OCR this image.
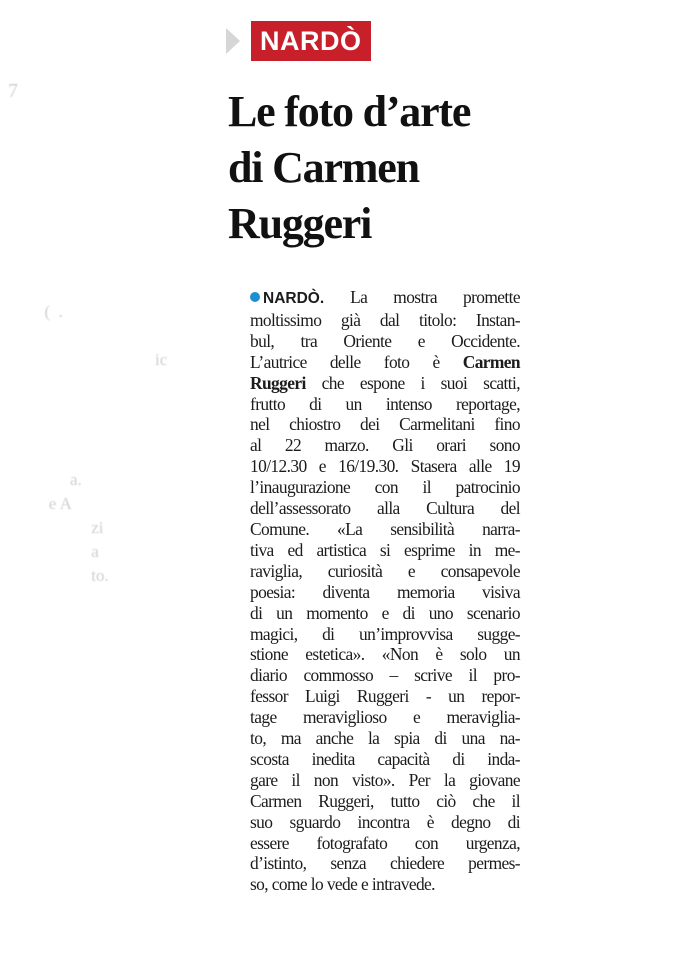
(  .

ic

a.
e A
zi
a
to.
7
NARDÒ
Le foto d’arte
di Carmen
Ruggeri
NARDÒ. La mostra promette
moltissimo già dal titolo: Instan-
bul, tra Oriente e Occidente.
L’autrice delle foto è Carmen
Ruggeri che espone i suoi scatti,
frutto di un intenso reportage,
nel chiostro dei Carmelitani fino
al 22 marzo. Gli orari sono
10/12.30 e 16/19.30. Stasera alle 19
l’inaugurazione con il patrocinio
dell’assessorato alla Cultura del
Comune. «La sensibilità narra-
tiva ed artistica si esprime in me-
raviglia, curiosità e consapevole
poesia: diventa memoria visiva
di un momento e di uno scenario
magici, di un’improvvisa sugge-
stione estetica». «Non è solo un
diario commosso – scrive il pro-
fessor Luigi Ruggeri - un repor-
tage meraviglioso e meraviglia-
to, ma anche la spia di una na-
scosta inedita capacità di inda-
gare il non visto». Per la giovane
Carmen Ruggeri, tutto ciò che il
suo sguardo incontra è degno di
essere fotografato con urgenza,
d’istinto, senza chiedere permes-
so, come lo vede e intravede.
